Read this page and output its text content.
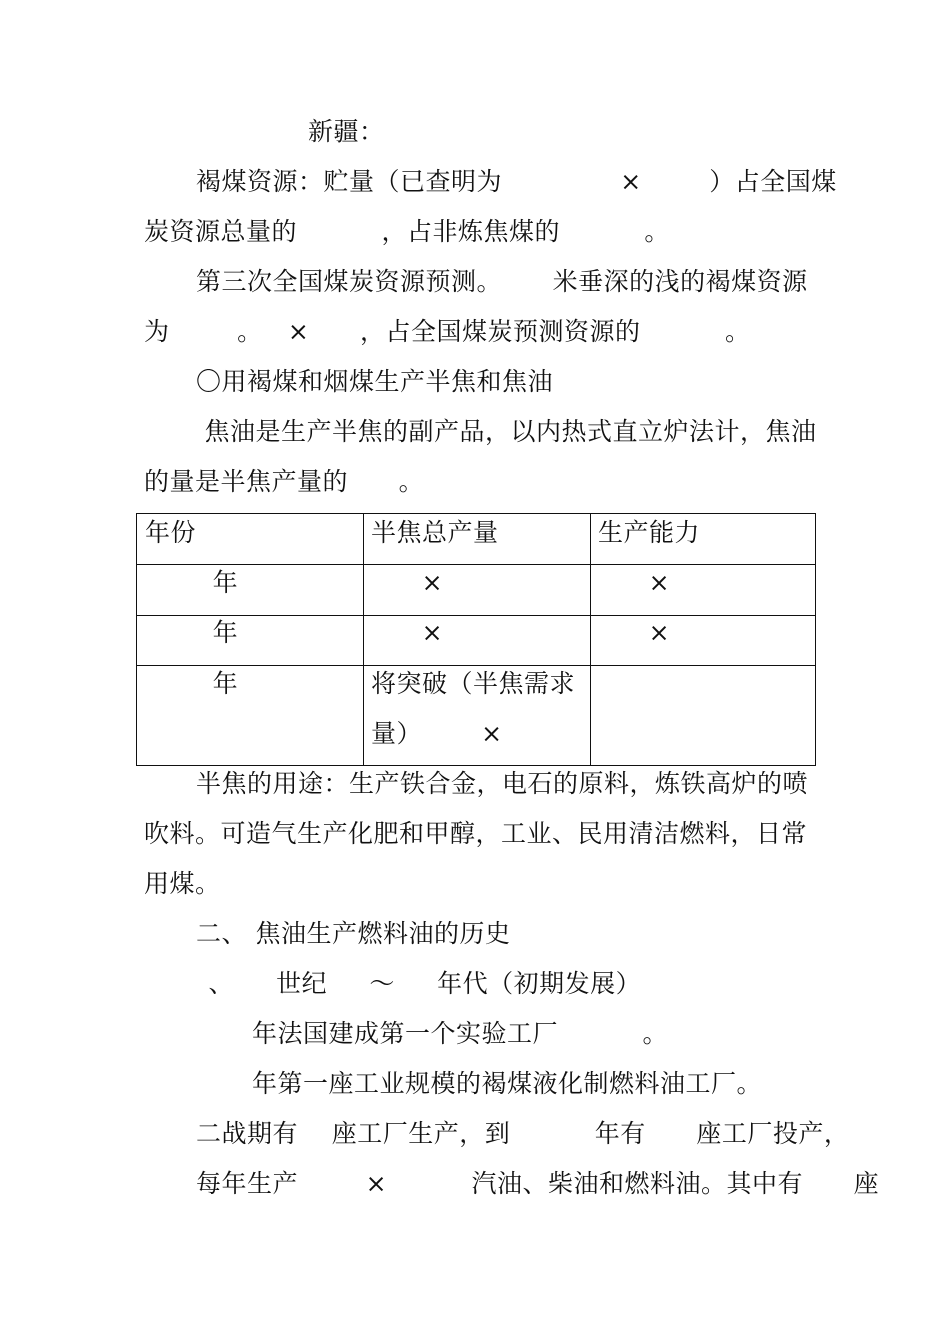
新疆：
褐煤资源：贮量（已查明为              ×        ）占全国煤
炭资源总量的          ，占非炼焦煤的          。
第三次全国煤炭资源预测。      米垂深的浅的褐煤资源
为        。   ×      ，占全国煤炭预测资源的          。
〇用褐煤和烟煤生产半焦和焦油
焦油是生产半焦的副产品，以内热式直立炉法计，焦油
的量是半焦产量的      。
年份	半焦总产量	生产能力
年	×	×
年	×	×
年	将突破（半焦需求
量）       ×
半焦的用途：生产铁合金，电石的原料，炼铁高炉的喷
吹料。可造气生产化肥和甲醇，工业、民用清洁燃料，日常
用煤。
二、 焦油生产燃料油的历史
、     世纪     ～     年代（初期发展）
年法国建成第一个实验工厂          。
年第一座工业规模的褐煤液化制燃料油工厂。
二战期有    座工厂生产，到          年有      座工厂投产，
每年生产        ×          汽油、柴油和燃料油。其中有      座
